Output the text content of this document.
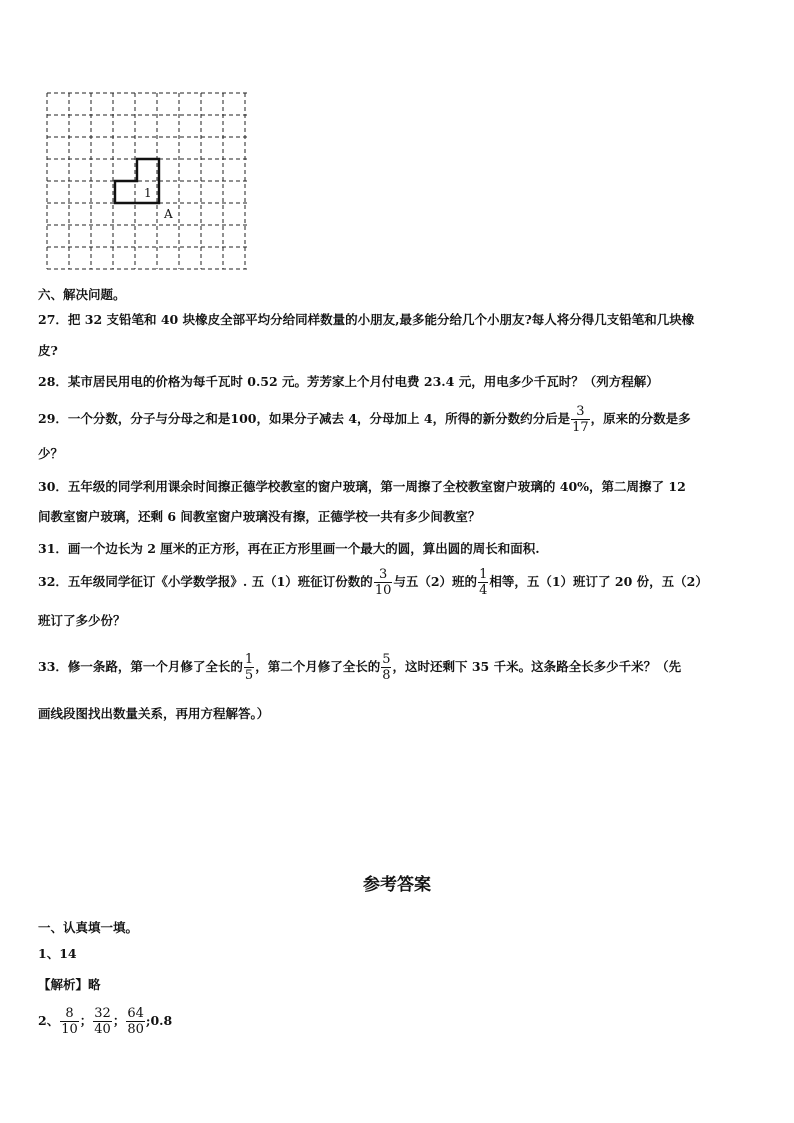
1
A
六、解决问题。
27．把 32 支铅笔和 40 块橡皮全部平均分给同样数量的小朋友,最多能分给几个小朋友?每人将分得几支铅笔和几块橡
皮?
28．某市居民用电的价格为每千瓦时 0.52 元。芳芳家上个月付电费 23.4 元，用电多少千瓦时？（列方程解）
29．一个分数，分子与分母之和是100，如果分子减去 4，分母加上 4，所得的新分数约分后是 $\frac{3}{17}$ ，原来的分数是多
少？
30．五年级的同学利用课余时间擦正德学校教室的窗户玻璃，第一周擦了全校教室窗户玻璃的 40%，第二周擦了 12
间教室窗户玻璃，还剩 6 间教室窗户玻璃没有擦，正德学校一共有多少间教室？
31．画一个边长为 2 厘米的正方形，再在正方形里画一个最大的圆，算出圆的周长和面积.
32．五年级同学征订《小学数学报》. 五（1）班征订份数的 $\frac{3}{10}$ 与五（2）班的 $\frac{1}{4}$ 相等，五（1）班订了 20 份，五（2）
班订了多少份？
33．修一条路，第一个月修了全长的 $\frac{1}{5}$ ，第二个月修了全长的 $\frac{5}{8}$ ，这时还剩下 35 千米。这条路全长多少千米？（先
画线段图找出数量关系，再用方程解答。）
参考答案
一、认真填一填。
1、14
【解析】略
2、 $\frac{8}{10}$ ； $\frac{32}{40}$ ； $\frac{64}{80}$ ;0.8
